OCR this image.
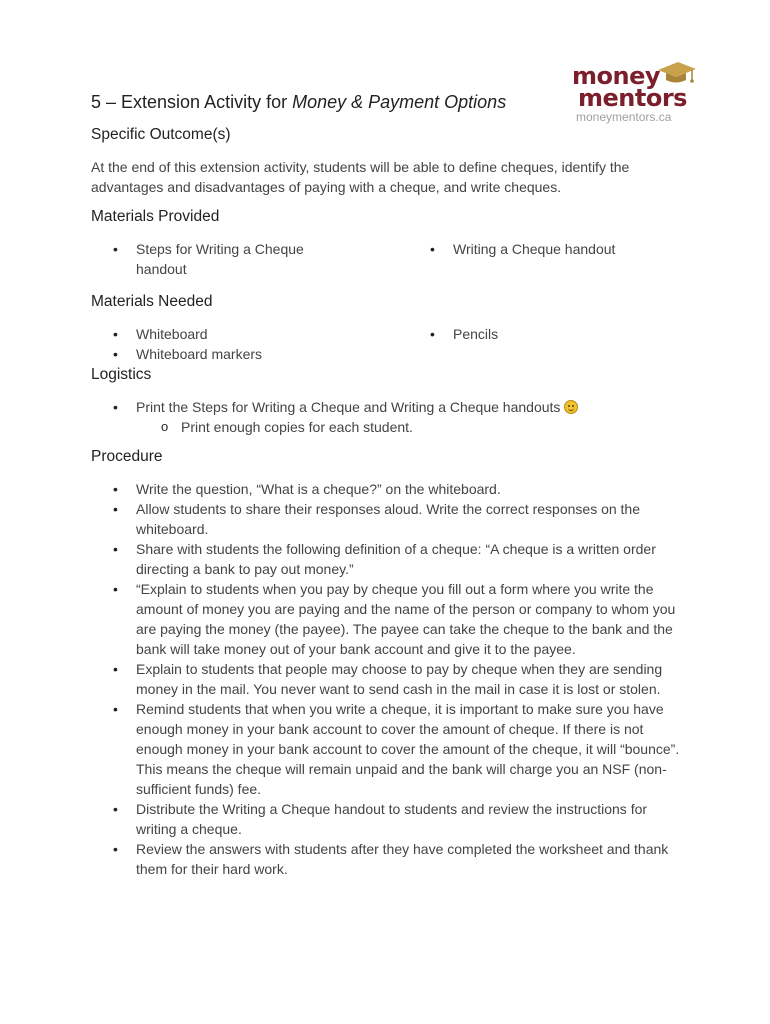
money
mentors
moneymentors.ca
5 – Extension Activity for Money & Payment Options
Specific Outcome(s)

At the end of this extension activity, students will be able to define cheques, identify the advantages and disadvantages of paying with a cheque, and write cheques.

Materials Provided
• Steps for Writing a Cheque handout
• Writing a Cheque handout
Materials Needed
• Whiteboard
• Whiteboard markers
• Pencils
Logistics
• Print the Steps for Writing a Cheque and Writing a Cheque handouts
o Print enough copies for each student.
Procedure
• Write the question, “What is a cheque?” on the whiteboard.
• Allow students to share their responses aloud. Write the correct responses on the whiteboard.
• Share with students the following definition of a cheque: “A cheque is a written order directing a bank to pay out money.”
• “Explain to students when you pay by cheque you fill out a form where you write the amount of money you are paying and the name of the person or company to whom you are paying the money (the payee). The payee can take the cheque to the bank and the bank will take money out of your bank account and give it to the payee.
• Explain to students that people may choose to pay by cheque when they are sending money in the mail. You never want to send cash in the mail in case it is lost or stolen.
• Remind students that when you write a cheque, it is important to make sure you have enough money in your bank account to cover the amount of cheque. If there is not enough money in your bank account to cover the amount of the cheque, it will “bounce”. This means the cheque will remain unpaid and the bank will charge you an NSF (non-sufficient funds) fee.
• Distribute the Writing a Cheque handout to students and review the instructions for writing a cheque.
• Review the answers with students after they have completed the worksheet and thank them for their hard work.
